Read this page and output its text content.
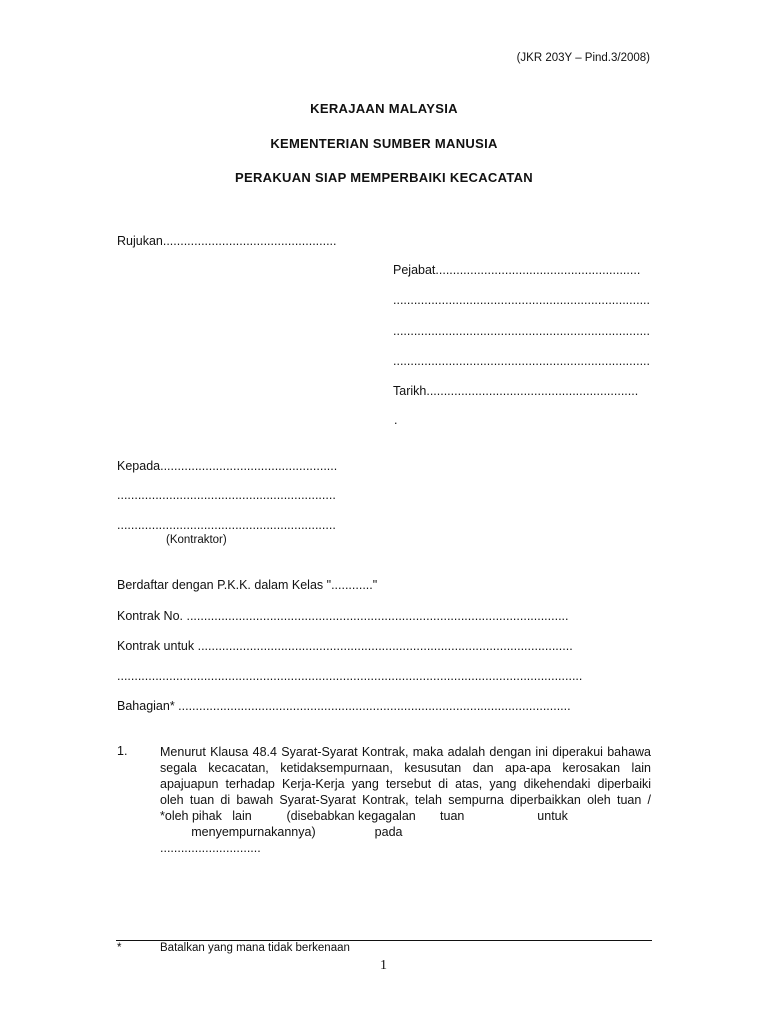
(JKR 203Y – Pind.3/2008)
KERAJAAN MALAYSIA
KEMENTERIAN SUMBER MANUSIA
PERAKUAN SIAP MEMPERBAIKI KECACATAN
Rujukan..................................................
Pejabat...........................................................
..........................................................................
..........................................................................
..........................................................................
Tarikh.............................................................
.
Kepada...................................................
...............................................................
...............................................................
(Kontraktor)
Berdaftar dengan P.K.K. dalam Kelas "............"
Kontrak No. ..............................................................................................................
Kontrak untuk ............................................................................................................
......................................................................................................................................
Bahagian* .................................................................................................................
1.	Menurut Klausa 48.4 Syarat-Syarat Kontrak, maka adalah dengan ini diperakui bahawa
segala kecacatan, ketidaksempurnaan, kesusutan dan apa-apa kerosakan lain
apajuapun terhadap Kerja-Kerja yang tersebut di atas, yang dikehendaki diperbaiki
oleh tuan di bawah Syarat-Syarat Kontrak, telah sempurna diperbaikkan oleh tuan /
*oleh pihak   lain          (disebabkan kegagalan       tuan                     untuk
menyempurnakannya)                 pada
.............................
*	Batalkan yang mana tidak berkenaan
1
